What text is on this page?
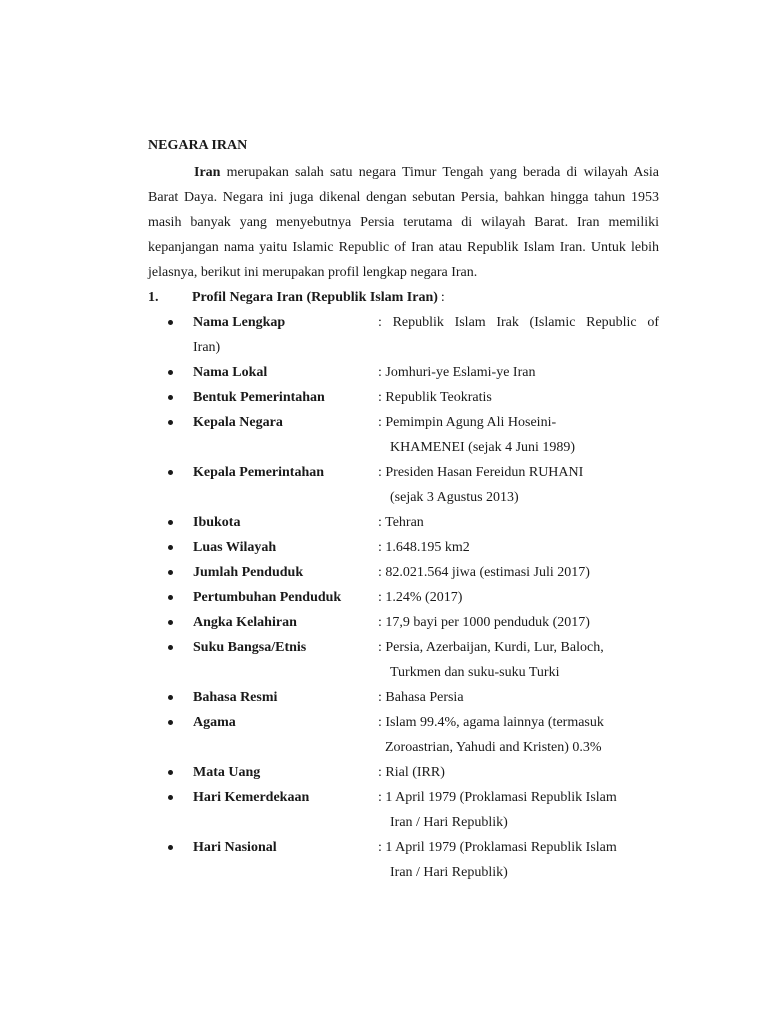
NEGARA IRAN

Iran merupakan salah satu negara Timur Tengah yang berada di wilayah Asia Barat Daya. Negara ini juga dikenal dengan sebutan Persia, bahkan hingga tahun 1953 masih banyak yang menyebutnya Persia terutama di wilayah Barat. Iran memiliki kepanjangan nama yaitu Islamic Republic of Iran atau Republik Islam Iran. Untuk lebih jelasnya, berikut ini merupakan profil lengkap negara Iran.

1.	Profil Negara Iran (Republik Islam Iran) :
Nama Lengkap	: Republik Islam Irak (Islamic Republic of
Iran)
Nama Lokal	: Jomhuri-ye Eslami-ye Iran
Bentuk Pemerintahan	: Republik Teokratis
Kepala Negara	: Pemimpin Agung Ali Hoseini-
KHAMENEI (sejak 4 Juni 1989)
Kepala Pemerintahan	: Presiden Hasan Fereidun RUHANI
(sejak 3 Agustus 2013)
Ibukota	: Tehran
Luas Wilayah	: 1.648.195 km2
Jumlah Penduduk	: 82.021.564 jiwa (estimasi Juli 2017)
Pertumbuhan Penduduk	: 1.24% (2017)
Angka Kelahiran	: 17,9 bayi per 1000 penduduk (2017)
Suku Bangsa/Etnis	: Persia, Azerbaijan, Kurdi, Lur, Baloch,
Turkmen dan suku-suku Turki
Bahasa Resmi	: Bahasa Persia
Agama	: Islam 99.4%, agama lainnya (termasuk
Zoroastrian, Yahudi and Kristen) 0.3%
Mata Uang	: Rial (IRR)
Hari Kemerdekaan	: 1 April 1979 (Proklamasi Republik Islam
Iran / Hari Republik)
Hari Nasional	: 1 April 1979 (Proklamasi Republik Islam
Iran / Hari Republik)
